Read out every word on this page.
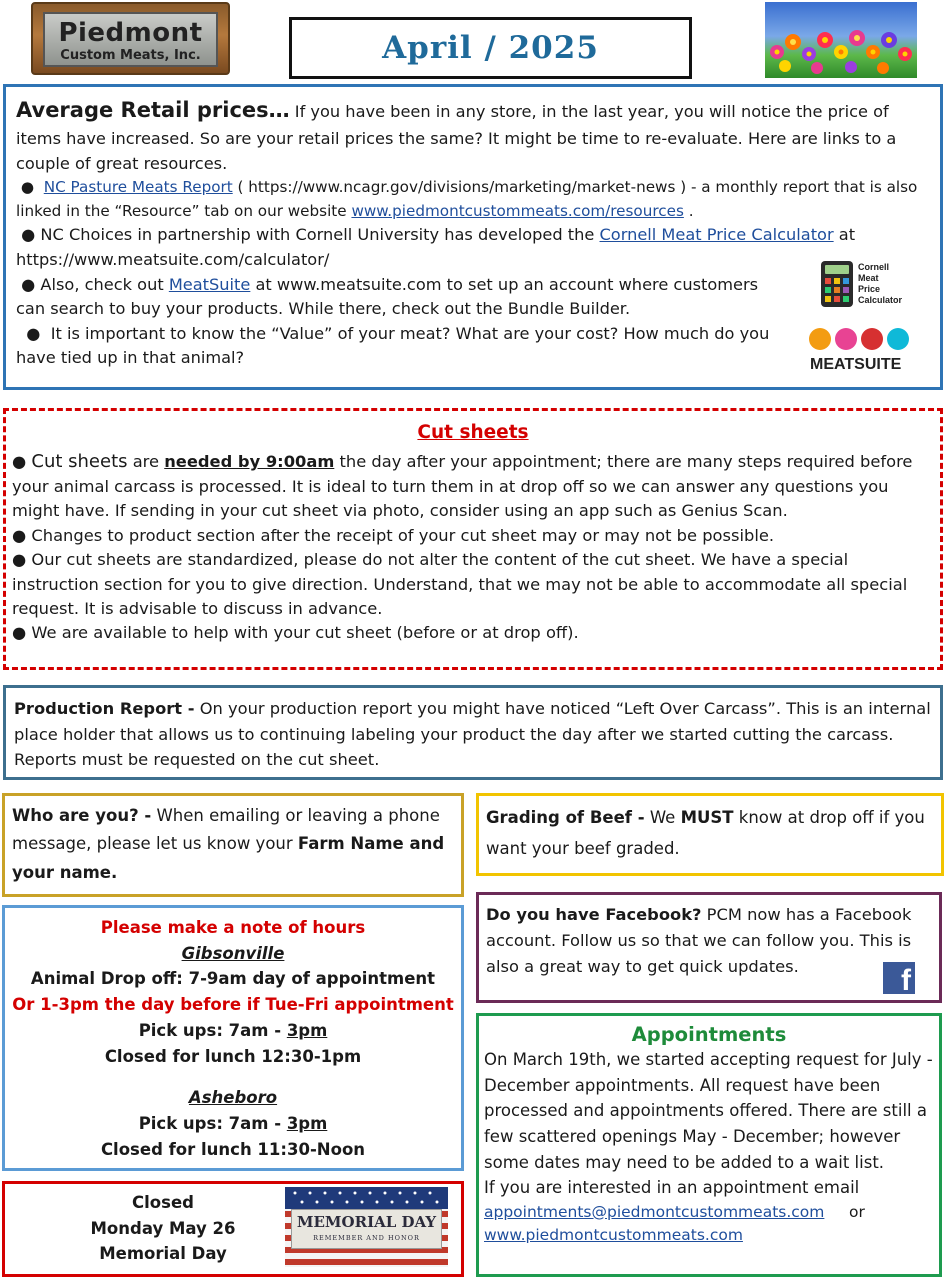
Piedmont
Custom Meats, Inc.	April / 2025

Average Retail prices… If you have been in any store, in the last year, you will notice the price of items have increased. So are your retail prices the same? It might be time to re-evaluate. Here are links to a couple of great resources.

●  NC Pasture Meats Report ( https://www.ncagr.gov/divisions/marketing/market-news ) - a monthly report that is also linked in the “Resource” tab on our website www.piedmontcustommeats.com/resources .

● NC Choices in partnership with Cornell University has developed the Cornell Meat Price Calculator at https://www.meatsuite.com/calculator/

● Also, check out MeatSuite at www.meatsuite.com to set up an account where customers can search to buy your products. While there, check out the Bundle Builder.

●  It is important to know the “Value” of your meat? What are your cost? How much do you have tied up in that animal?

Cornell
Meat
Price
Calculator
MEATSUITE
Cut sheets

● Cut sheets are needed by 9:00am the day after your appointment; there are many steps required before your animal carcass is processed. It is ideal to turn them in at drop off so we can answer any questions you might have. If sending in your cut sheet via photo, consider using an app such as Genius Scan.

● Changes to product section after the receipt of your cut sheet may or may not be possible.

● Our cut sheets are standardized, please do not alter the content of the cut sheet. We have a special instruction section for you to give direction. Understand, that we may not be able to accommodate all special request. It is advisable to discuss in advance.

● We are available to help with your cut sheet (before or at drop off).

Production Report - On your production report you might have noticed “Left Over Carcass”. This is an internal place holder that allows us to continuing labeling your product the day after we started cutting the carcass. Reports must be requested on the cut sheet.

Who are you? - When emailing or leaving a phone message, please let us know your Farm Name and your name.

Grading of Beef - We MUST know at drop off if you want your beef graded.

Do you have Facebook? PCM now has a Facebook account. Follow us so that we can follow you. This is also a great way to get quick updates.	f
Please make a note of hours
Gibsonville
Animal Drop off: 7-9am day of appointment
Or 1-3pm the day before if Tue-Fri appointment
Pick ups: 7am - 3pm
Closed for lunch 12:30-1pm
Asheboro
Pick ups: 7am - 3pm
Closed for lunch 11:30-Noon
Appointments

On March 19th, we started accepting request for July - December appointments. All request have been processed and appointments offered. There are still a few scattered openings May - December; however some dates may need to be added to a wait list.

If you are interested in an appointment email

appointments@piedmontcustommeats.com or
www.piedmontcustommeats.com

Closed
Monday May 26
Memorial Day
MEMORIAL DAY
REMEMBER AND HONOR
